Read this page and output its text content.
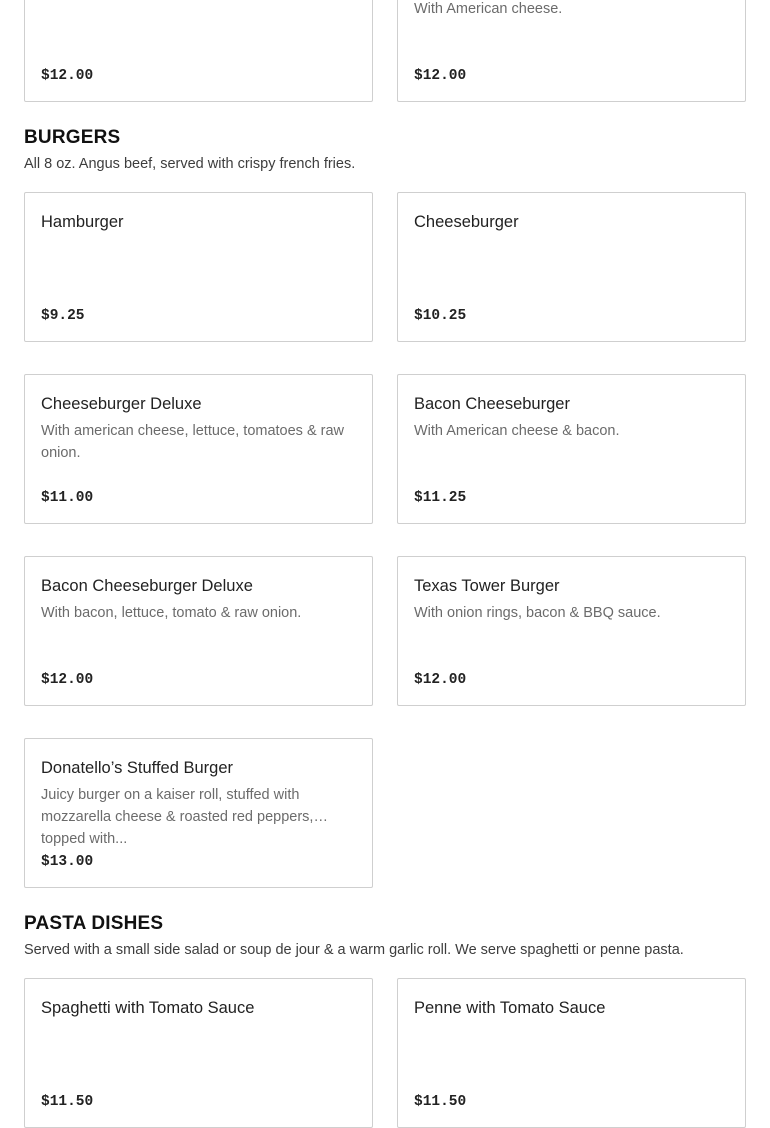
$12.00
With American cheese.
$12.00
BURGERS

All 8 oz. Angus beef, served with crispy french fries.

Hamburger
$9.25
Cheeseburger
$10.25
Cheeseburger Deluxe
With american cheese, lettuce, tomatoes & raw onion.
$11.00
Bacon Cheeseburger
With American cheese & bacon.
$11.25
Bacon Cheeseburger Deluxe
With bacon, lettuce, tomato & raw onion.
$12.00
Texas Tower Burger
With onion rings, bacon & BBQ sauce.
$12.00
Donatello’s Stuffed Burger
Juicy burger on a kaiser roll, stuffed with mozzarella cheese & roasted red peppers, topped with...
$13.00
PASTA DISHES

Served with a small side salad or soup de jour & a warm garlic roll. We serve spaghetti or penne pasta.

Spaghetti with Tomato Sauce
$11.50
Penne with Tomato Sauce
$11.50
